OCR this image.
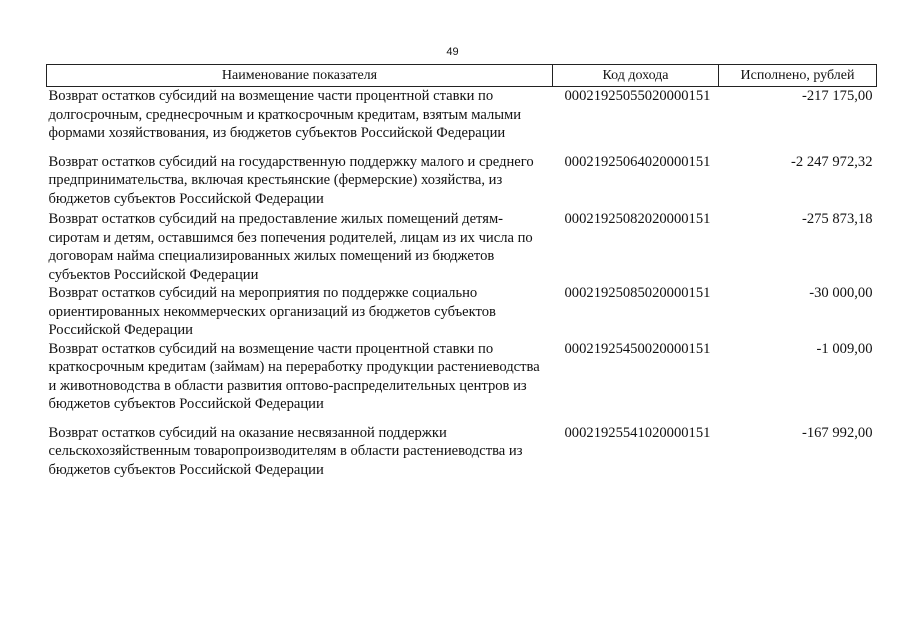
49
Наименование показателя	Код дохода	Исполнено, рублей
Возврат остатков субсидий на возмещение части процентной ставки по долгосрочным, среднесрочным и краткосрочным кредитам, взятым малыми формами хозяйствования, из бюджетов субъектов Российской Федерации	00021925055020000151	-217 175,00
Возврат остатков субсидий на государственную поддержку малого и среднего предпринимательства, включая крестьянские (фермерские) хозяйства, из бюджетов субъектов Российской Федерации	00021925064020000151	-2 247 972,32
Возврат остатков субсидий на предоставление жилых помещений детям-сиротам и детям, оставшимся без попечения родителей, лицам из их числа по договорам найма специализированных жилых помещений из бюджетов субъектов Российской Федерации	00021925082020000151	-275 873,18
Возврат остатков субсидий на мероприятия по поддержке социально ориентированных некоммерческих организаций из бюджетов субъектов Российской Федерации	00021925085020000151	-30 000,00
Возврат остатков субсидий на возмещение части процентной ставки по краткосрочным кредитам (займам) на переработку продукции растениеводства и животноводства в области развития оптово-распределительных центров из бюджетов субъектов Российской Федерации	00021925450020000151	-1 009,00
Возврат остатков субсидий на оказание несвязанной поддержки сельскохозяйственным товаропроизводителям в области растениеводства из бюджетов субъектов Российской Федерации	00021925541020000151	-167 992,00
